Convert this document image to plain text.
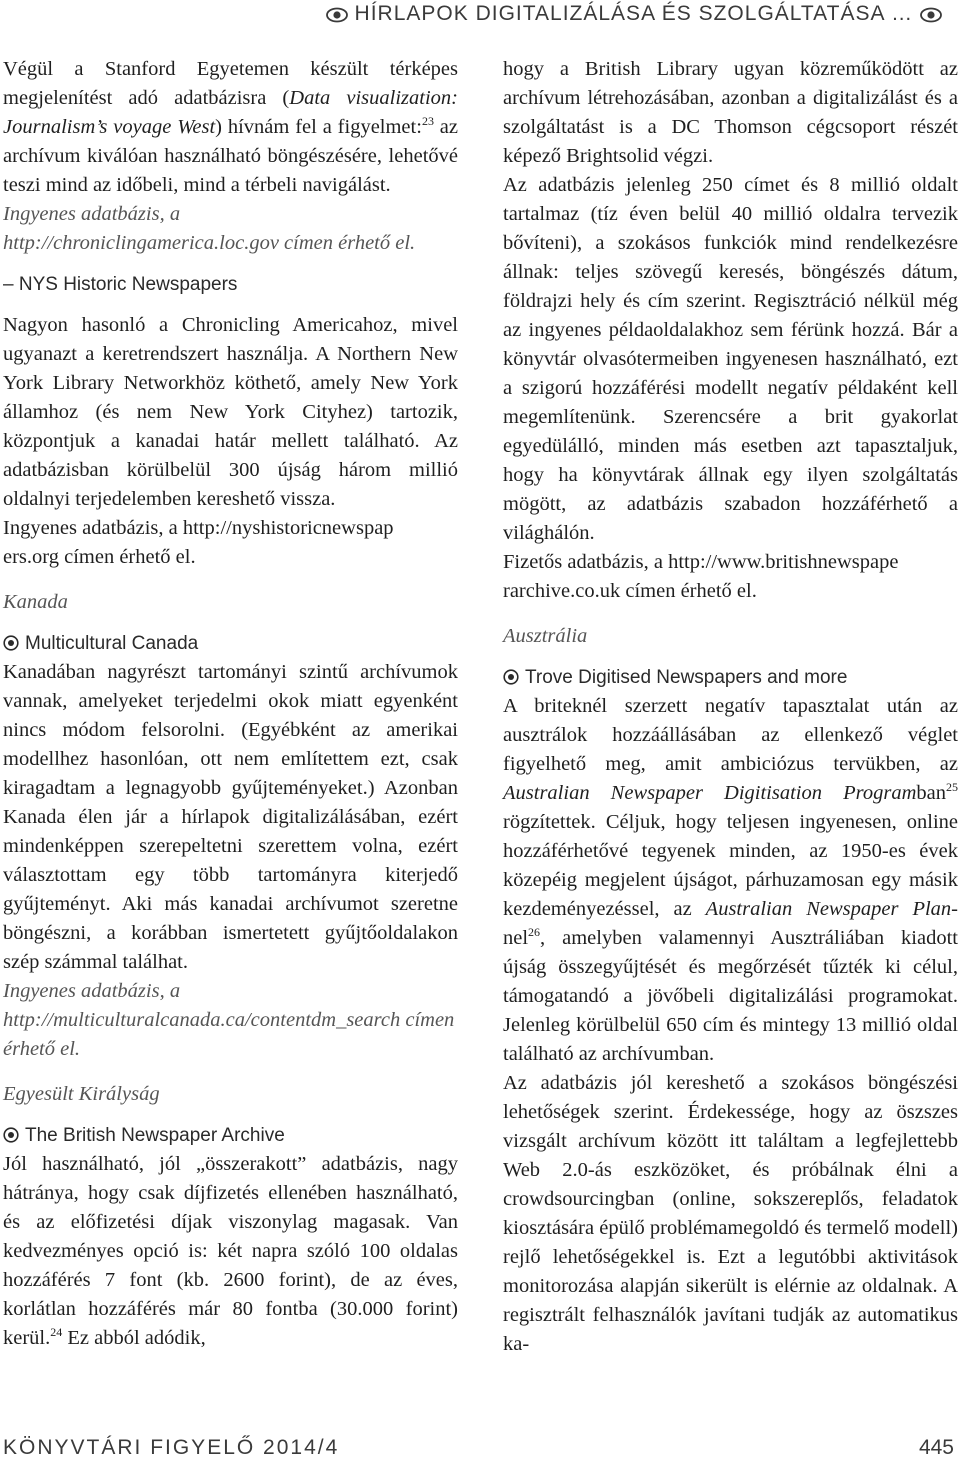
HÍRLAPOK DIGITALIZÁLÁSA ÉS SZOLGÁLTATÁSA …

Végül a Stanford Egyetemen készült térképes megjelenítést adó adatbázisra (Data visualization: Journalism’s voyage West) hívnám fel a figyelmet:$^{23}$ az archívum kiválóan használható böngészésére, lehetővé teszi mind az időbeli, mind a térbeli navigálást.

Ingyenes adatbázis, a http://chroniclingamerica.loc.gov címen érhető el.

– NYS Historic Newspapers

Nagyon hasonló a Chronicling Americahoz, mivel ugyanazt a keretrendszert használja. A Northern New York Library Networkhöz köthető, amely New York államhoz (és nem New York Cityhez) tartozik, központjuk a kanadai határ mellett található. Az adatbázisban körülbelül 300 újság három millió oldalnyi terjedelemben kereshető vissza.

Ingyenes adatbázis, a http://nyshistoricnewspap
ers.org címen érhető el.

Kanada

Multicultural Canada

Kanadában nagyrészt tartományi szintű archívumok vannak, amelyeket terjedelmi okok miatt egyenként nincs módom felsorolni. (Egyébként az amerikai modellhez hasonlóan, ott nem említettem ezt, csak kiragadtam a legnagyobb gyűjteményeket.) Azonban Kanada élen jár a hírlapok digitalizálásában, ezért mindenképpen szerepeltetni szerettem volna, ezért választottam egy több tartományra kiterjedő gyűjteményt. Aki más kanadai archívumot szeretne böngészni, a korábban ismertetett gyűjtőoldalakon szép számmal találhat.

Ingyenes adatbázis, a http://multiculturalcanada.ca/contentdm_search címen érhető el.

Egyesült Királyság

The British Newspaper Archive

Jól használható, jól „összerakott” adatbázis, nagy hátránya, hogy csak díjfizetés ellenében használható, és az előfizetési díjak viszonylag magasak. Van kedvezményes opció is: két napra szóló 100 oldalas hozzáférés 7 font (kb. 2600 forint), de az éves, korlátlan hozzáférés már 80 fontba (30.000 forint) kerül.$^{24}$ Ez abból adódik,

hogy a British Library ugyan közreműködött az archívum létrehozásában, azonban a digitalizálást és a szolgáltatást is a DC Thomson cégcsoport részét képező Brightsolid végzi.

Az adatbázis jelenleg 250 címet és 8 millió oldalt tartalmaz (tíz éven belül 40 millió oldalra tervezik bővíteni), a szokásos funkciók mind rendelkezésre állnak: teljes szövegű keresés, böngészés dátum, földrajzi hely és cím szerint. Regisztráció nélkül még az ingyenes példaoldalakhoz sem férünk hozzá. Bár a könyvtár olvasótermeiben ingyenesen használható, ezt a szigorú hozzáférési modellt negatív példaként kell megemlítenünk. Szerencsére a brit gyakorlat egyedülálló, minden más esetben azt tapasztaljuk, hogy ha könyvtárak állnak egy ilyen szolgáltatás mögött, az adatbázis szabadon hozzáférhető a világhálón.

Fizetős adatbázis, a http://www.britishnewspape
rarchive.co.uk címen érhető el.

Ausztrália

Trove Digitised Newspapers and more

A briteknél szerzett negatív tapasztalat után az ausztrálok hozzáállásában az ellenkező véglet figyelhető meg, amit ambiciózus tervükben, az Australian Newspaper Digitisation Programban$^{25}$ rögzítettek. Céljuk, hogy teljesen ingyenesen, online hozzáférhetővé tegyenek minden, az 1950-es évek közepéig megjelent újságot, párhuzamosan egy másik kezdeményezéssel, az Australian Newspaper Plan-nel$^{26}$, amelyben valamennyi Ausztráliában kiadott újság összegyűjtését és megőrzését tűzték ki célul, támogatandó a jövőbeli digitalizálási programokat. Jelenleg körülbelül 650 cím és mintegy 13 millió oldal található az archívumban.

Az adatbázis jól kereshető a szokásos böngészési lehetőségek szerint. Érdekessége, hogy az öszszes vizsgált archívum között itt találtam a legfejlettebb Web 2.0-ás eszközöket, és próbálnak élni a crowdsourcingban (online, sokszereplős, feladatok kiosztására épülő problémamegoldó és termelő modell) rejlő lehetőségekkel is. Ezt a legutóbbi aktivitások monitorozása alapján sikerült is elérnie az oldalnak. A regisztrált felhasználók javítani tudják az automatikus ka-

KÖNYVTÁRI FIGYELŐ 2014/4	445
